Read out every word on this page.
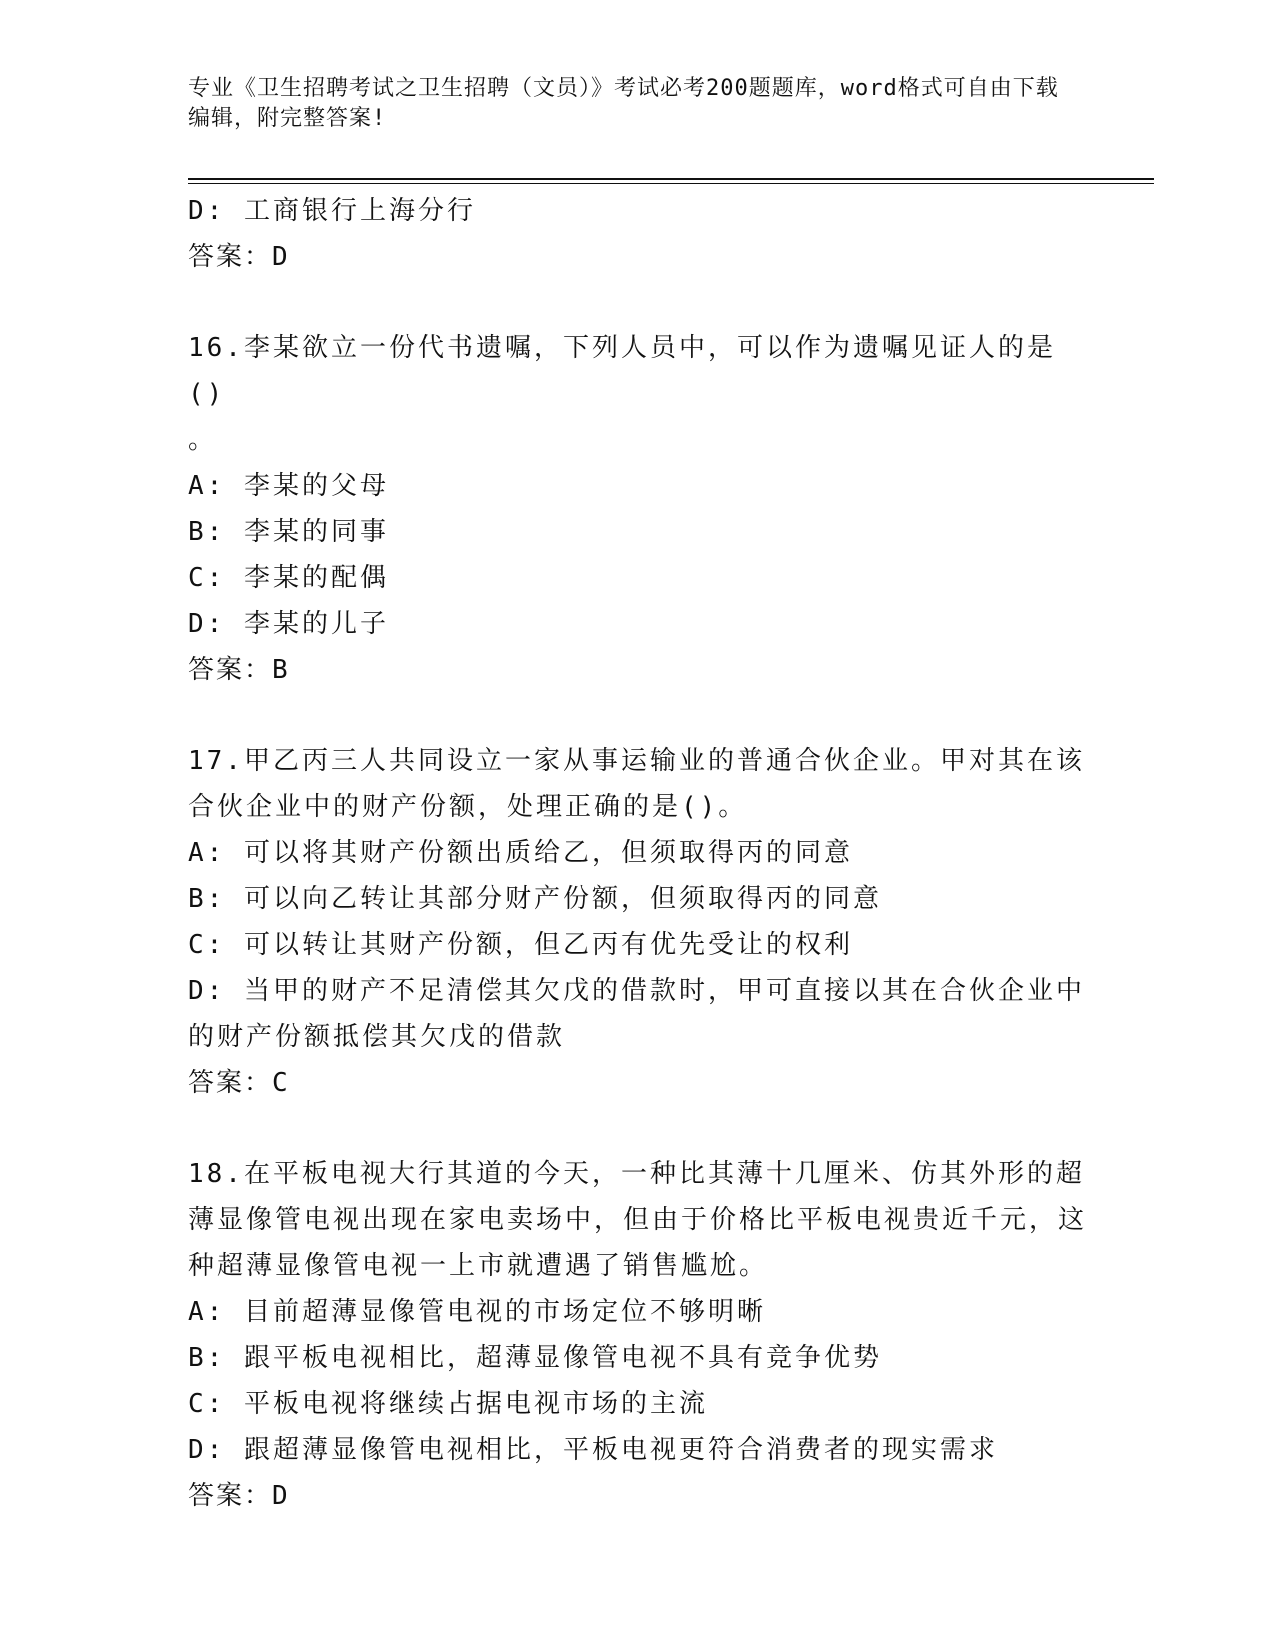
专业《卫生招聘考试之卫生招聘（文员）》考试必考200题题库，word格式可自由下载编辑，附完整答案!

D: 工商银行上海分行

答案：D

16.李某欲立一份代书遗嘱，下列人员中，可以作为遗嘱见证人的是()

。

A: 李某的父母

B: 李某的同事

C: 李某的配偶

D: 李某的儿子

答案：B

17.甲乙丙三人共同设立一家从事运输业的普通合伙企业。甲对其在该合伙企业中的财产份额，处理正确的是()。

A: 可以将其财产份额出质给乙，但须取得丙的同意

B: 可以向乙转让其部分财产份额，但须取得丙的同意

C: 可以转让其财产份额，但乙丙有优先受让的权利

D: 当甲的财产不足清偿其欠戊的借款时，甲可直接以其在合伙企业中的财产份额抵偿其欠戊的借款

答案：C

18.在平板电视大行其道的今天，一种比其薄十几厘米、仿其外形的超薄显像管电视出现在家电卖场中，但由于价格比平板电视贵近千元，这种超薄显像管电视一上市就遭遇了销售尴尬。

A: 目前超薄显像管电视的市场定位不够明晰

B: 跟平板电视相比，超薄显像管电视不具有竞争优势

C: 平板电视将继续占据电视市场的主流

D: 跟超薄显像管电视相比，平板电视更符合消费者的现实需求

答案：D
